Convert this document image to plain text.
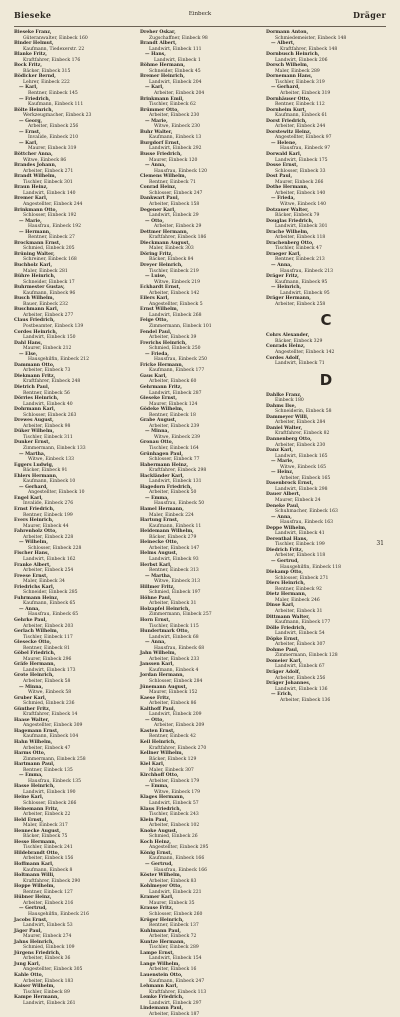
Bieseke	Einbeck	Dräger
Bieseke Franz,
Güteranwalter, Einbeck 160
Binder Helmut,
Kaufmann, Tiedexerstr. 22
Blanke Fritz,
Kraftfahrer, Einbeck 176
Bock Fritz,
Bäcker, Einbeck 315
Bödicker Bernd,
Lehrer, Einbeck 222
— Karl,
Rentner, Einbeck 145
— Friedrich,
Kaufmann, Einbeck 111
Bölte Heinrich,
Werkzeugmacher, Einbeck 23
— Georg,
Arbeiter, Einbeck 256
— Ernst,
Invalide, Einbeck 210
— Karl,
Maurer, Einbeck 319
Böttcher Anna,
Witwe, Einbeck 86
Brandes Johann,
Arbeiter, Einbeck 271
Brandt Wilhelm,
Tischler, Einbeck 301
Braun Heinz,
Landwirt, Einbeck 140
Bremer Karl,
Angestellter, Einbeck 244
Brinkmann Otto,
Schlosser, Einbeck 192
— Marie,
Hausfrau, Einbeck 192
— Hermann,
Rentner, Einbeck 27
Brockmann Ernst,
Schmied, Einbeck 205
Brüning Walter,
Schreiner, Einbeck 168
Buchholz Karl,
Maler, Einbeck 281
Bühre Heinrich,
Schneider, Einbeck 17
Buhrmester Gustav,
Kaufmann, Einbeck 96
Busch Wilhelm,
Bauer, Einbeck 232
Buschmann Karl,
Arbeiter, Einbeck 277
Claus Friedrich,
Postbeamter, Einbeck 139
Cordes Heinrich,
Landwirt, Einbeck 150
Dahl Hans,
Maurer, Einbeck 212
— Else,
Hausgehilfin, Einbeck 212
Dammann Otto,
Arbeiter, Einbeck 73
Diekmann Fritz,
Kraftfahrer, Einbeck 248
Dietrich Paul,
Rentner, Einbeck 56
Dörries Heinrich,
Landwirt, Einbeck 40
Dohrmann Karl,
Schlosser, Einbeck 263
Drewes August,
Arbeiter, Einbeck 98
Düker Wilhelm,
Tischler, Einbeck 311
Dunker Ernst,
Zimmermann, Einbeck 133
— Martha,
Witwe, Einbeck 133
Eggers Ludwig,
Bäcker, Einbeck 91
Ehlers Hermann,
Kaufmann, Einbeck 10
— Gerhard,
Angestellter, Einbeck 10
Engel Karl,
Invalide, Einbeck 276
Ernst Friedrich,
Rentner, Einbeck 199
Evers Heinrich,
Maurer, Einbeck 44
Fahrenholz Otto,
Arbeiter, Einbeck 228
— Wilhelm,
Schlosser, Einbeck 228
Fischer Hans,
Landwirt, Einbeck 162
Franke Albert,
Arbeiter, Einbeck 254
Freese Ernst,
Maler, Einbeck 34
Friedrichs Karl,
Schneider, Einbeck 285
Fuhrmann Heinz,
Kaufmann, Einbeck 65
— Anna,
Hausfrau, Einbeck 65
Gehrke Paul,
Arbeiter, Einbeck 203
Gerlach Wilhelm,
Tischler, Einbeck 117
Giesecke Otto,
Rentner, Einbeck 81
Göbel Friedrich,
Maurer, Einbeck 296
Gräfe Hermann,
Landwirt, Einbeck 173
Grote Heinrich,
Arbeiter, Einbeck 58
— Minna,
Witwe, Einbeck 58
Gruber Karl,
Schmied, Einbeck 236
Günther Fritz,
Kraftfahrer, Einbeck 14
Haase Walter,
Angestellter, Einbeck 309
Hagemann Ernst,
Kaufmann, Einbeck 104
Hahn Wilhelm,
Arbeiter, Einbeck 47
Harms Otto,
Zimmermann, Einbeck 258
Hartmann Paul,
Rentner, Einbeck 135
— Emma,
Hausfrau, Einbeck 135
Hasse Heinrich,
Landwirt, Einbeck 190
Heine Karl,
Schlosser, Einbeck 266
Heinemann Fritz,
Arbeiter, Einbeck 22
Held Ernst,
Maler, Einbeck 317
Hennecke August,
Bäcker, Einbeck 75
Hesse Hermann,
Tischler, Einbeck 241
Hildebrandt Otto,
Arbeiter, Einbeck 156
Hoffmann Karl,
Kaufmann, Einbeck 8
Holtmann Willi,
Kraftfahrer, Einbeck 290
Hoppe Wilhelm,
Rentner, Einbeck 127
Hübner Heinz,
Arbeiter, Einbeck 216
— Gertrud,
Hausgehilfin, Einbeck 216
Jacobs Ernst,
Landwirt, Einbeck 53
Jäger Paul,
Maurer, Einbeck 274
Jahns Heinrich,
Schmied, Einbeck 109
Jürgens Friedrich,
Arbeiter, Einbeck 36
Jung Karl,
Angestellter, Einbeck 305
Kahle Otto,
Arbeiter, Einbeck 183
Kaiser Wilhelm,
Tischler, Einbeck 89
Kampe Hermann,
Landwirt, Einbeck 261
Dreher Oskar,
Zugschaffner, Einbeck 98
Brandt Albert,
Landwirt, Einbeck 111
— Hans,
Landwirt, Einbeck 1
Böhme Hermann,
Schneider, Einbeck 45
Bremer Heinrich,
Landwirt, Einbeck 204
— Karl,
Arbeiter, Einbeck 204
Brinkmann Emil,
Tischler, Einbeck 62
Brümmer Otto,
Arbeiter, Einbeck 230
— Marie,
Witwe, Einbeck 230
Buhr Walter,
Kaufmann, Einbeck 13
Burgdorf Ernst,
Landwirt, Einbeck 292
Busse Friedrich,
Maurer, Einbeck 120
— Anna,
Hausfrau, Einbeck 120
Clemens Wilhelm,
Rentner, Einbeck 71
Conrad Heinz,
Schlosser, Einbeck 247
Dankwart Paul,
Arbeiter, Einbeck 158
Degener Karl,
Landwirt, Einbeck 29
— Otto,
Arbeiter, Einbeck 29
Dettmer Hermann,
Kraftfahrer, Einbeck 186
Dieckmann August,
Maler, Einbeck 303
Döring Fritz,
Bäcker, Einbeck 84
Dreyer Heinrich,
Tischler, Einbeck 219
— Luise,
Witwe, Einbeck 219
Eckhardt Ernst,
Arbeiter, Einbeck 142
Eilers Karl,
Angestellter, Einbeck 5
Ernst Wilhelm,
Landwirt, Einbeck 268
Feige Otto,
Zimmermann, Einbeck 101
Fendel Paul,
Arbeiter, Einbeck 39
Frerichs Heinrich,
Schmied, Einbeck 250
— Frieda,
Hausfrau, Einbeck 250
Fricke Hermann,
Kaufmann, Einbeck 177
Gaus Karl,
Arbeiter, Einbeck 60
Gehrmann Fritz,
Landwirt, Einbeck 287
Gieseke Ernst,
Maurer, Einbeck 124
Gödeke Wilhelm,
Rentner, Einbeck 18
Grabe August,
Arbeiter, Einbeck 239
— Minna,
Witwe, Einbeck 239
Gronau Otto,
Tischler, Einbeck 164
Grünhagen Paul,
Schlosser, Einbeck 77
Habermann Heinz,
Kraftfahrer, Einbeck 298
Hackländer Karl,
Landwirt, Einbeck 131
Hagedorn Friedrich,
Arbeiter, Einbeck 50
— Emma,
Hausfrau, Einbeck 50
Hamel Hermann,
Maler, Einbeck 224
Hartung Ernst,
Kaufmann, Einbeck 11
Heidemann Wilhelm,
Bäcker, Einbeck 279
Heinecke Otto,
Arbeiter, Einbeck 147
Helms August,
Landwirt, Einbeck 93
Herbst Karl,
Rentner, Einbeck 313
— Martha,
Witwe, Einbeck 313
Hillmer Fritz,
Schmied, Einbeck 197
Höhne Paul,
Arbeiter, Einbeck 31
Holzapfel Heinrich,
Zimmermann, Einbeck 257
Horn Ernst,
Tischler, Einbeck 115
Hundertmark Otto,
Landwirt, Einbeck 68
— Anna,
Hausfrau, Einbeck 68
Jahn Wilhelm,
Arbeiter, Einbeck 233
Janssen Karl,
Kaufmann, Einbeck 4
Jordan Hermann,
Schlosser, Einbeck 284
Jünemann August,
Maurer, Einbeck 152
Kaese Fritz,
Arbeiter, Einbeck 86
Kalthoff Paul,
Landwirt, Einbeck 209
— Otto,
Arbeiter, Einbeck 209
Kasten Ernst,
Rentner, Einbeck 42
Keil Heinrich,
Kraftfahrer, Einbeck 270
Kellner Wilhelm,
Bäcker, Einbeck 129
Kiel Karl,
Maler, Einbeck 307
Kirchhoff Otto,
Arbeiter, Einbeck 179
— Emma,
Witwe, Einbeck 179
Klages Hermann,
Landwirt, Einbeck 57
Klaus Friedrich,
Tischler, Einbeck 243
Klein Paul,
Arbeiter, Einbeck 102
Knoke August,
Schmied, Einbeck 26
Koch Heinz,
Angestellter, Einbeck 295
König Ernst,
Kaufmann, Einbeck 166
— Gertrud,
Hausfrau, Einbeck 166
Köster Wilhelm,
Arbeiter, Einbeck 83
Kohlmeyer Otto,
Landwirt, Einbeck 221
Kramer Karl,
Maurer, Einbeck 35
Krause Fritz,
Schlosser, Einbeck 260
Krüger Heinrich,
Rentner, Einbeck 137
Kuhlmann Paul,
Arbeiter, Einbeck 72
Kuntze Hermann,
Tischler, Einbeck 289
Lampe Ernst,
Landwirt, Einbeck 154
Lange Wilhelm,
Arbeiter, Einbeck 16
Lauenstein Otto,
Kaufmann, Einbeck 247
Lehmann Karl,
Kraftfahrer, Einbeck 113
Lemke Friedrich,
Landwirt, Einbeck 297
Lindemann Paul,
Arbeiter, Einbeck 187
Dormann Anton,
Schmiedemeister, Einbeck 148
— Albert,
Kraftfahrer, Einbeck 148
Dornbusch Heinrich,
Landwirt, Einbeck 206
Dorsch Wilhelm,
Maler, Einbeck 289
Dornemann Hans,
Tischler, Einbeck 319
— Gerhard,
Arbeiter, Einbeck 319
Dornhäuser Otto,
Rentner, Einbeck 112
Dornheim Kurt,
Kaufmann, Einbeck 61
Dorst Friedrich,
Arbeiter, Einbeck 244
Dorstewitz Heinz,
Angestellter, Einbeck 97
— Helene,
Hausfrau, Einbeck 97
Dorwald Karl,
Landwirt, Einbeck 175
Dosse Ernst,
Schlosser, Einbeck 33
Dost Paul,
Maurer, Einbeck 266
Dothe Hermann,
Arbeiter, Einbeck 140
— Frieda,
Witwe, Einbeck 140
Dotzauer Walter,
Bäcker, Einbeck 79
Douglas Friedrich,
Landwirt, Einbeck 301
Drache Wilhelm,
Arbeiter, Einbeck 118
Drachenberg Otto,
Tischler, Einbeck 47
Draeger Karl,
Rentner, Einbeck 213
— Anna,
Hausfrau, Einbeck 213
Dräger Fritz,
Kaufmann, Einbeck 95
— Heinrich,
Landwirt, Einbeck 95
Dräger Hermann,
Arbeiter, Einbeck 258
C
Cohrs Alexander,
Bäcker, Einbeck 329
Conrads Heinz,
Angestellter, Einbeck 142
Cordes Adolf,
Landwirt, Einbeck 71
D
Dahlke Franz,
Einbeck 180
Dahms Ilse,
Schneiderin, Einbeck 58
Dammeyer Willi,
Arbeiter, Einbeck 284
Daniel Walter,
Kraftfahrer, Einbeck 82
Dannenberg Otto,
Arbeiter, Einbeck 230
Danz Karl,
Landwirt, Einbeck 165
— Marie,
Witwe, Einbeck 165
— Heinz,
Arbeiter, Einbeck 165
Dasenbrock Ernst,
Landwirt, Einbeck 298
Dauer Albert,
Maurer, Einbeck 24
Deneke Paul,
Schuhmacher, Einbeck 163
— Anna,
Hausfrau, Einbeck 163
Deppe Wilhelm,
Landwirt, Einbeck 41
Derenthal Hans,
Tischler, Einbeck 199
Diedrich Fritz,
Arbeiter, Einbeck 118
— Gertrud,
Hausgehilfin, Einbeck 118
Diekamp Otto,
Schlosser, Einbeck 271
Diers Heinrich,
Rentner, Einbeck 92
Dietz Hermann,
Maler, Einbeck 246
Dinse Karl,
Arbeiter, Einbeck 31
Dittmann Walter,
Kaufmann, Einbeck 177
Dölle Friedrich,
Landwirt, Einbeck 54
Döpke Ernst,
Arbeiter, Einbeck 307
Dohme Paul,
Zimmermann, Einbeck 128
Domeier Karl,
Landwirt, Einbeck 67
Dräger Adolf,
Arbeiter, Einbeck 256
Dräger Johannes,
Landwirt, Einbeck 136
— Erich,
Arbeiter, Einbeck 136
31
